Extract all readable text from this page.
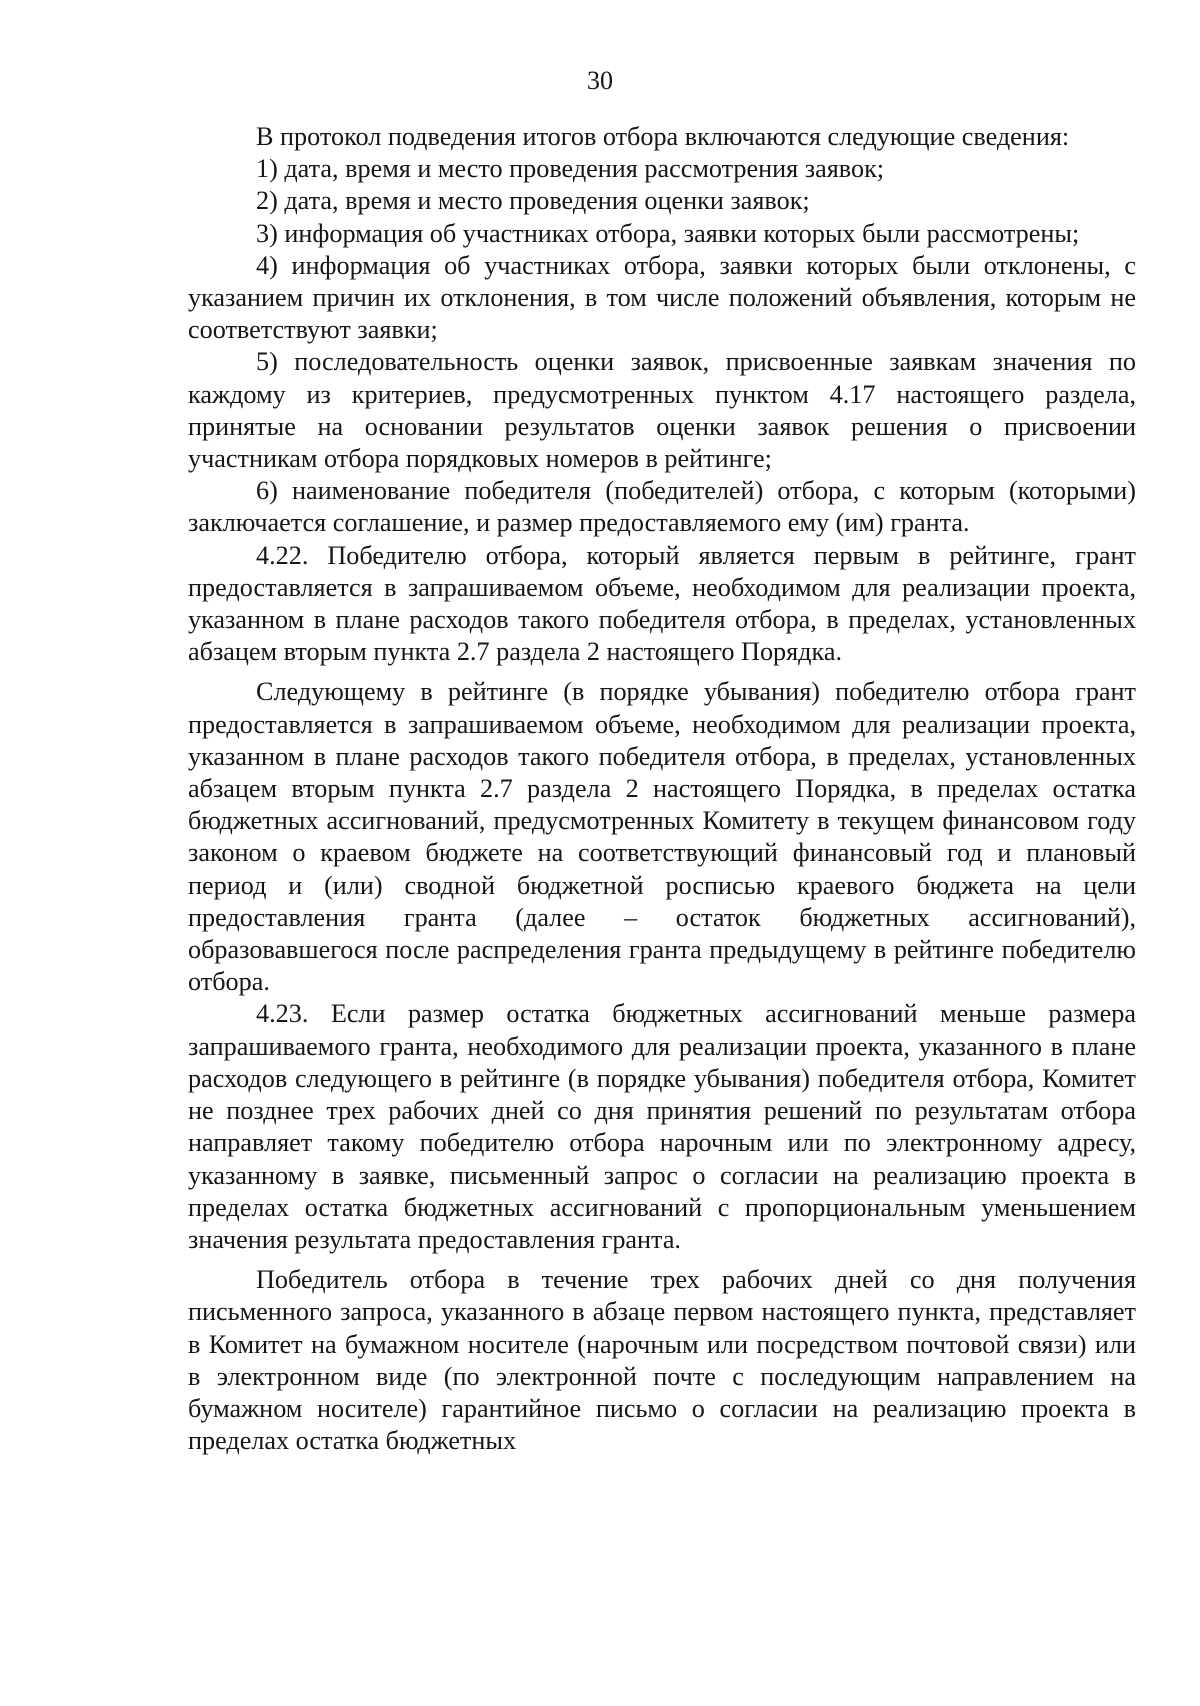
30

В протокол подведения итогов отбора включаются следующие сведения:

1) дата, время и место проведения рассмотрения заявок;

2) дата, время и место проведения оценки заявок;

3) информация об участниках отбора, заявки которых были рассмотрены;

4) информация об участниках отбора, заявки которых были отклонены, с указанием причин их отклонения, в том числе положений объявления, которым не соответствуют заявки;

5) последовательность оценки заявок, присвоенные заявкам значения по каждому из критериев, предусмотренных пунктом 4.17 настоящего раздела, принятые на основании результатов оценки заявок решения о присвоении участникам отбора порядковых номеров в рейтинге;

6) наименование победителя (победителей) отбора, с которым (которыми) заключается соглашение, и размер предоставляемого ему (им) гранта.

4.22. Победителю отбора, который является первым в рейтинге, грант предоставляется в запрашиваемом объеме, необходимом для реализации проекта, указанном в плане расходов такого победителя отбора, в пределах, установленных абзацем вторым пункта 2.7 раздела 2 настоящего Порядка.

Следующему в рейтинге (в порядке убывания) победителю отбора грант предоставляется в запрашиваемом объеме, необходимом для реализации проекта, указанном в плане расходов такого победителя отбора, в пределах, установленных абзацем вторым пункта 2.7 раздела 2 настоящего Порядка, в пределах остатка бюджетных ассигнований, предусмотренных Комитету в текущем финансовом году законом о краевом бюджете на соответствующий финансовый год и плановый период и (или) сводной бюджетной росписью краевого бюджета на цели предоставления гранта (далее – остаток бюджетных ассигнований), образовавшегося после распределения гранта предыдущему в рейтинге победителю отбора.

4.23. Если размер остатка бюджетных ассигнований меньше размера запрашиваемого гранта, необходимого для реализации проекта, указанного в плане расходов следующего в рейтинге (в порядке убывания) победителя отбора, Комитет не позднее трех рабочих дней со дня принятия решений по результатам отбора направляет такому победителю отбора нарочным или по электронному адресу, указанному в заявке, письменный запрос о согласии на реализацию проекта в пределах остатка бюджетных ассигнований с пропорциональным уменьшением значения результата предоставления гранта.

Победитель отбора в течение трех рабочих дней со дня получения письменного запроса, указанного в абзаце первом настоящего пункта, представляет в Комитет на бумажном носителе (нарочным или посредством почтовой связи) или в электронном виде (по электронной почте с последующим направлением на бумажном носителе) гарантийное письмо о согласии на реализацию проекта в пределах остатка бюджетных
